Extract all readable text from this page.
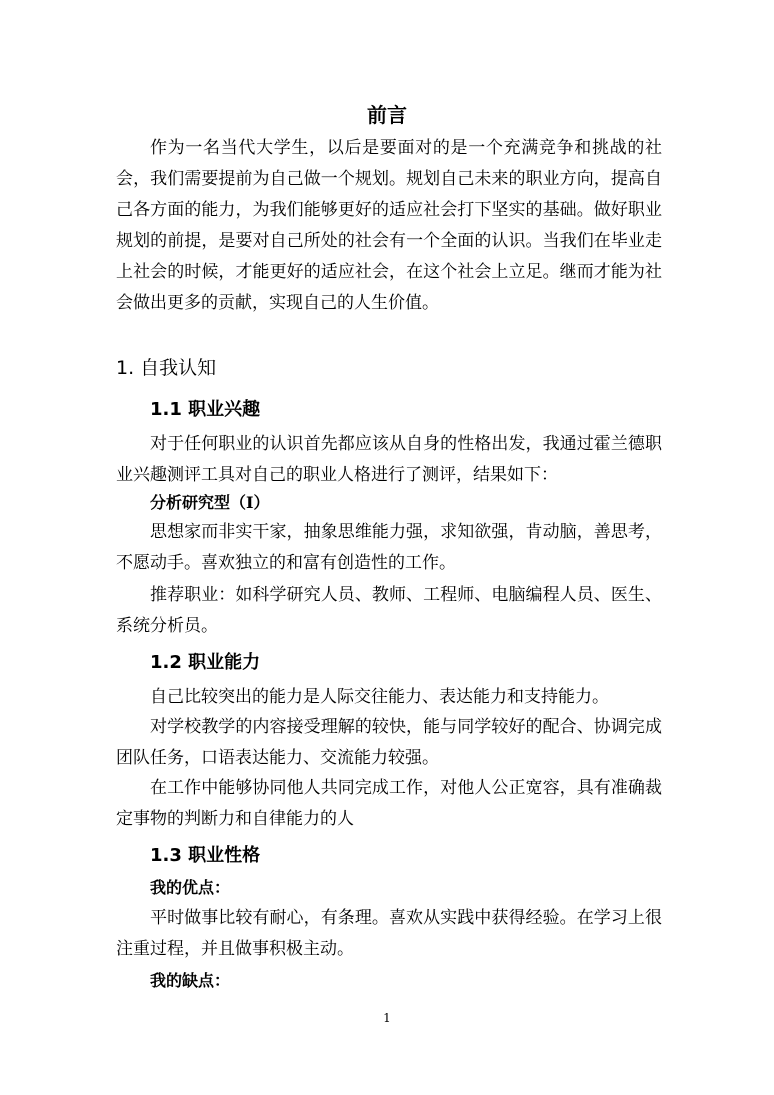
前言
作为一名当代大学生，以后是要面对的是一个充满竞争和挑战的社会，我们需要提前为自己做一个规划。规划自己未来的职业方向，提高自己各方面的能力，为我们能够更好的适应社会打下坚实的基础。做好职业规划的前提，是要对自己所处的社会有一个全面的认识。当我们在毕业走上社会的时候，才能更好的适应社会，在这个社会上立足。继而才能为社会做出更多的贡献，实现自己的人生价值。
1. 自我认知
1.1 职业兴趣
对于任何职业的认识首先都应该从自身的性格出发，我通过霍兰德职业兴趣测评工具对自己的职业人格进行了测评，结果如下：
分析研究型（I）
思想家而非实干家，抽象思维能力强，求知欲强，肯动脑，善思考，不愿动手。喜欢独立的和富有创造性的工作。
推荐职业：如科学研究人员、教师、工程师、电脑编程人员、医生、系统分析员。
1.2 职业能力
自己比较突出的能力是人际交往能力、表达能力和支持能力。
对学校教学的内容接受理解的较快，能与同学较好的配合、协调完成团队任务，口语表达能力、交流能力较强。
在工作中能够协同他人共同完成工作，对他人公正宽容，具有准确裁定事物的判断力和自律能力的人
1.3 职业性格
我的优点：
平时做事比较有耐心，有条理。喜欢从实践中获得经验。在学习上很注重过程，并且做事积极主动。
我的缺点：
1
